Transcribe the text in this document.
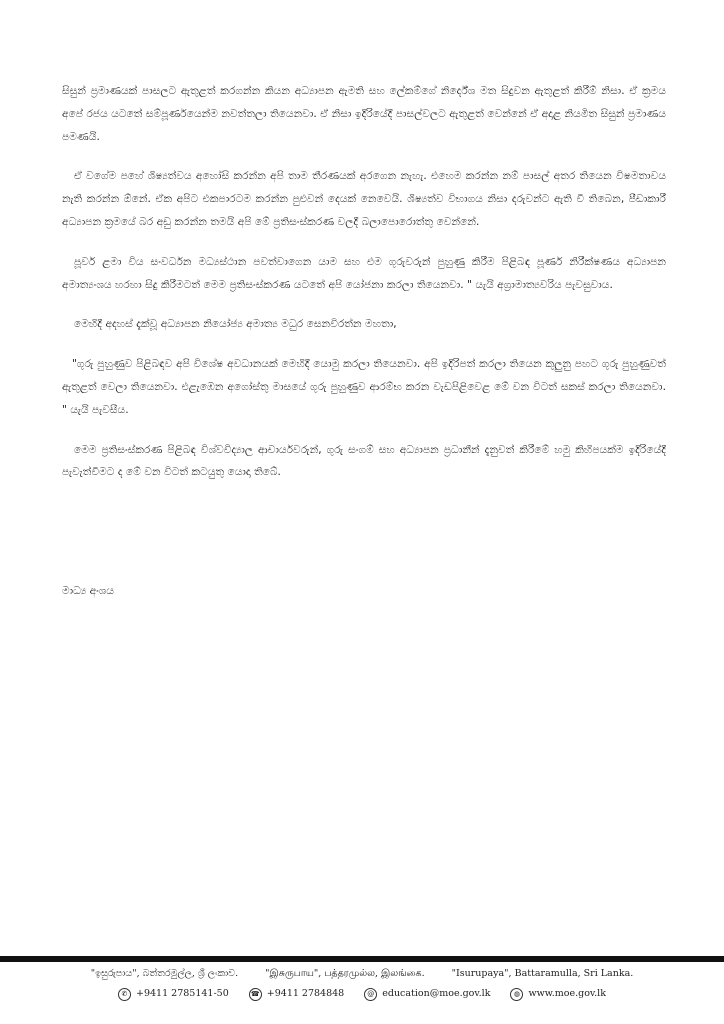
සිසුන් ප්‍රමාණයක් පාසලට ඇතුළත් කරගන්න කියන අධ්‍යාපන ඇමති සහ ලේකම්ගේ නිර්දේශ මත සිදුවන ඇතුළත් කිරීම් නිසා. ඒ ක්‍රමය අපේ රජය යටතේ සම්පූර්ණයෙන්ම නවත්තලා තියෙනවා. ඒ නිසා ඉදිරියේදී පාසල්වලට ඇතුළත් වෙන්නේ ඒ අදාළ නියමිත සිසුන් ප්‍රමාණය පමණයි.

ඒ වගේම පහේ ශිෂ්‍යත්වය අහෝසි කරන්න අපි තාම තීරණයක් අරගෙන නැහැ. එහෙම කරන්න නම් පාසල් අතර තියෙන විෂමතාවය නැති කරන්න ඕනේ. ඒක අපිට එකපාරටම කරන්න පුළුවන් දෙයක් නෙවෙයි. ශිෂ්‍යත්ව විභාගය නිසා දරුවන්ට ඇති වී තිබෙන, පීඩාකාරී අධ්‍යාපන ක්‍රමයේ බර අඩු කරන්න තමයි අපි මේ ප්‍රතිසංස්කරණ වලදී බලාපොරොත්තු වෙන්නේ.

පූර්ව ළමා විය සංවර්ධන මධ්‍යස්ථාන පවත්වාගෙන යාම සහ එම ගුරුවරුන් පුහුණු කිරීම පිළිබඳ පූර්ණ නිරීක්ෂණය අධ්‍යාපන අමාත්‍යංශය හරහා සිදු කිරීමටත් මෙම ප්‍රතිසංස්කරණ යටතේ අපි යෝජනා කරලා තියෙනවා. " යැයි අග්‍රාමාත්‍යවරිය පැවසුවාය.

මෙහිදී අදහස් දැක්වූ අධ්‍යාපන නියෝජ්‍ය අමාත්‍ය මධුර සෙනවිරත්න මහතා,

"ගුරු පුහුණුව පිළිබඳව අපි විශේෂ අවධානයක් මෙහිදී යොමු කරලා තියෙනවා. අපි ඉදිරිපත් කරලා තියෙන කුලුනු පහට ගුරු පුහුණුවත් ඇතුළත් වෙලා තියෙනවා. එළැඹෙන අගෝස්තු මාසයේ ගුරු පුහුණුව ආරම්භ කරන වැඩපිළිවෙළ මේ වන විටත් සකස් කරලා තියෙනවා. " යැයි පැවසීය.

මෙම ප්‍රතිසංස්කරණ පිළිබඳ විශ්වවිද්‍යාල ආචාර්යවරුන්, ගුරු සංගම් සහ අධ්‍යාපන ප්‍රධානීන් දැනුවත් කිරීමේ හමු කිහිපයක්ම ඉදිරියේදී පැවැත්වීමට ද මේ වන විටත් කටයුතු යොදා තිබේ.

මාධ්‍ය අංශය
"ඉසුරුපාය", බත්තරමුල්ල, ශ්‍රී ලංකාව.	"இசுருபாய", பத்தரமுல்ல, இலங்கை.	"Isurupaya", Battaramulla, Sri Lanka.
✆ +9411 2785141-50	☎ +9411 2784848	@ education@moe.gov.lk	◍ www.moe.gov.lk
